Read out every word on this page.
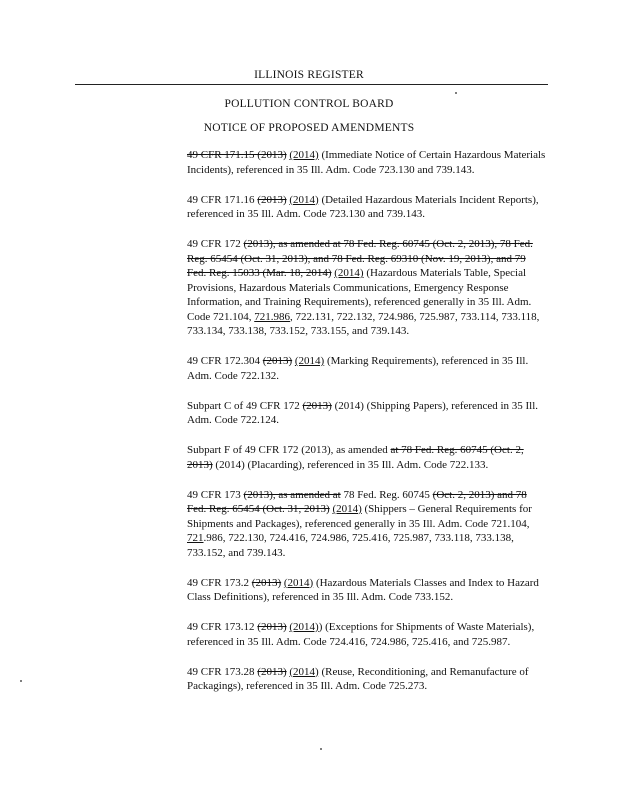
ILLINOIS REGISTER
POLLUTION CONTROL BOARD
NOTICE OF PROPOSED AMENDMENTS

49 CFR 171.15 (2013) (2014) (Immediate Notice of Certain Hazardous Materials Incidents), referenced in 35 Ill. Adm. Code 723.130 and 739.143.

49 CFR 171.16 (2013) (2014) (Detailed Hazardous Materials Incident Reports), referenced in 35 Ill. Adm. Code 723.130 and 739.143.

49 CFR 172 (2013), as amended at 78 Fed. Reg. 60745 (Oct. 2, 2013), 78 Fed. Reg. 65454 (Oct. 31, 2013), and 78 Fed. Reg. 69310 (Nov. 19, 2013), and 79 Fed. Reg. 15033 (Mar. 18, 2014) (2014) (Hazardous Materials Table, Special Provisions, Hazardous Materials Communications, Emergency Response Information, and Training Requirements), referenced generally in 35 Ill. Adm. Code 721.104, 721.986, 722.131, 722.132, 724.986, 725.987, 733.114, 733.118, 733.134, 733.138, 733.152, 733.155, and 739.143.

49 CFR 172.304 (2013) (2014) (Marking Requirements), referenced in 35 Ill. Adm. Code 722.132.

Subpart C of 49 CFR 172 (2013) (2014) (Shipping Papers), referenced in 35 Ill. Adm. Code 722.124.

Subpart F of 49 CFR 172 (2013), as amended at 78 Fed. Reg. 60745 (Oct. 2, 2013) (2014) (Placarding), referenced in 35 Ill. Adm. Code 722.133.

49 CFR 173 (2013), as amended at 78 Fed. Reg. 60745 (Oct. 2, 2013) and 78 Fed. Reg. 65454 (Oct. 31, 2013) (2014) (Shippers – General Requirements for Shipments and Packages), referenced generally in 35 Ill. Adm. Code 721.104, 721.986, 722.130, 724.416, 724.986, 725.416, 725.987, 733.118, 733.138, 733.152, and 739.143.

49 CFR 173.2 (2013) (2014) (Hazardous Materials Classes and Index to Hazard Class Definitions), referenced in 35 Ill. Adm. Code 733.152.

49 CFR 173.12 (2013) (2014)) (Exceptions for Shipments of Waste Materials), referenced in 35 Ill. Adm. Code 724.416, 724.986, 725.416, and 725.987.

49 CFR 173.28 (2013) (2014) (Reuse, Reconditioning, and Remanufacture of Packagings), referenced in 35 Ill. Adm. Code 725.273.
